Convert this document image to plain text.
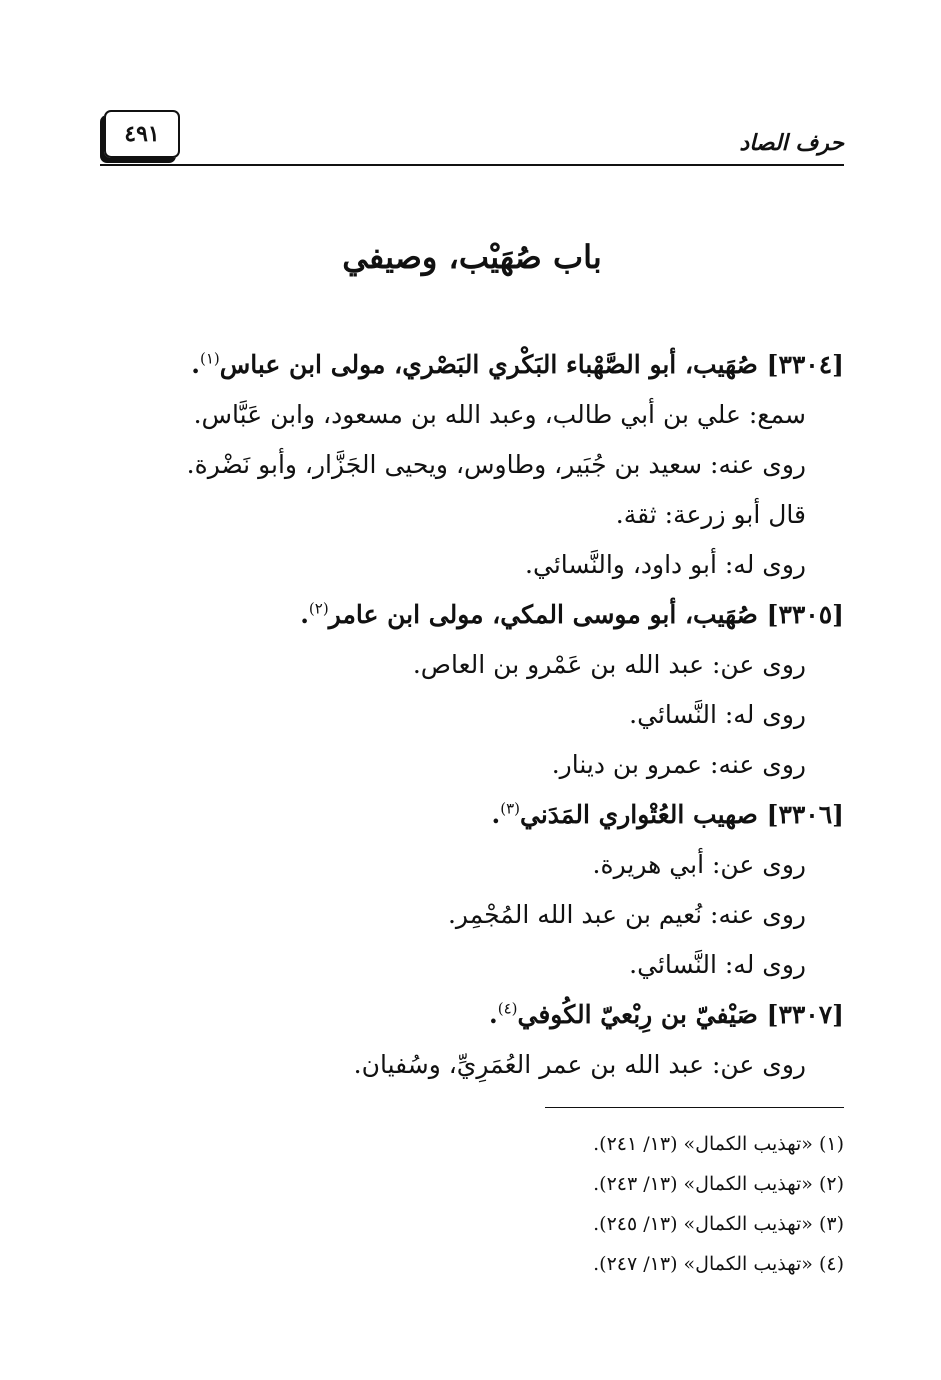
حرف الصاد
٤٩١
باب صُهَيْب، وصيفي
[٣٣٠٤] صُهَيب، أبو الصَّهْباء البَكْري البَصْري، مولى ابن عباس$^{(١)}$.
سمع: علي بن أبي طالب، وعبد الله بن مسعود، وابن عَبَّاس.
روى عنه: سعيد بن جُبَير، وطاوس، ويحيى الجَزَّار، وأبو نَضْرة.
قال أبو زرعة: ثقة.
روى له: أبو داود، والنَّسائي.
[٣٣٠٥] صُهَيب، أبو موسى المكي، مولى ابن عامر$^{(٢)}$.
روى عن: عبد الله بن عَمْرو بن العاص.
روى له: النَّسائي.
روى عنه: عمرو بن دينار.
[٣٣٠٦] صهيب العُتْواري المَدَني$^{(٣)}$.
روى عن: أبي هريرة.
روى عنه: نُعيم بن عبد الله المُجْمِر.
روى له: النَّسائي.
[٣٣٠٧] صَيْفيّ بن رِبْعيّ الكُوفي$^{(٤)}$.
روى عن: عبد الله بن عمر العُمَرِيِّ، وسُفيان.
(١) «تهذيب الكمال» (١٣/ ٢٤١).
(٢) «تهذيب الكمال» (١٣/ ٢٤٣).
(٣) «تهذيب الكمال» (١٣/ ٢٤٥).
(٤) «تهذيب الكمال» (١٣/ ٢٤٧).
